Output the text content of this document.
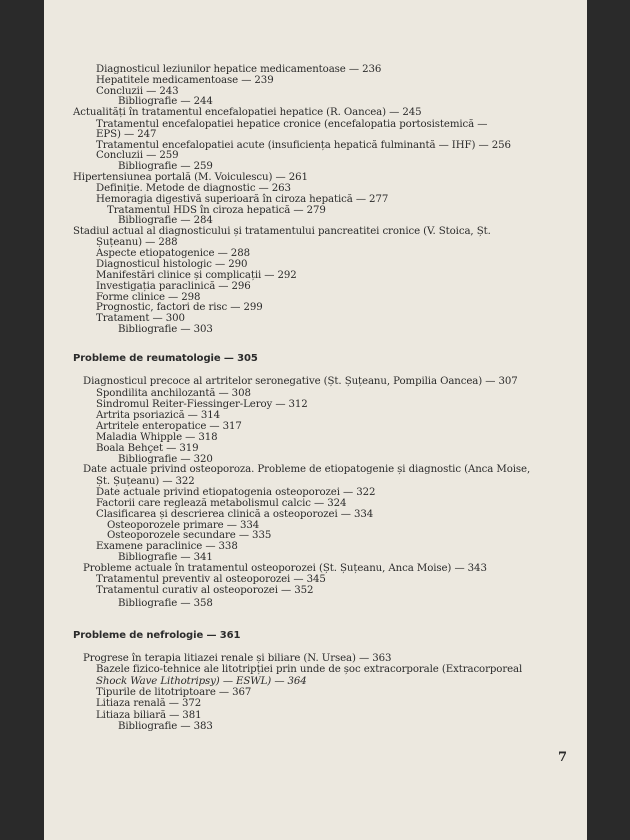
Diagnosticul leziunilor hepatice medicamentoase — 236
Hepatitele medicamentoase — 239
Concluzii — 243
Bibliografie — 244
Actualități în tratamentul encefalopatiei hepatice (R. Oancea) — 245
Tratamentul encefalopatiei hepatice cronice (encefalopatia portosistemică —
EPS) — 247
Tratamentul encefalopatiei acute (insuficiența hepatică fulminantă — IHF) — 256
Concluzii — 259
Bibliografie — 259
Hipertensiunea portală (M. Voiculescu) — 261
Definiție. Metode de diagnostic — 263
Hemoragia digestivă superioară în ciroza hepatică — 277
Tratamentul HDS în ciroza hepatică — 279
Bibliografie — 284
Stadiul actual al diagnosticului și tratamentului pancreatitei cronice (V. Stoica, Șt.
Șuțeanu) — 288
Aspecte etiopatogenice — 288
Diagnosticul histologic — 290
Manifestări clinice și complicații — 292
Investigația paraclinică — 296
Forme clinice — 298
Prognostic, factori de risc — 299
Tratament — 300
Bibliografie — 303
Probleme de reumatologie — 305
Diagnosticul precoce al artritelor seronegative (Șt. Șuțeanu, Pompilia Oancea) — 307
Spondilita anchilozantă — 308
Sindromul Reiter-Fiessinger-Leroy — 312
Artrita psoriazică — 314
Artritele enteropatice — 317
Maladia Whipple — 318
Boala Behçet — 319
Bibliografie — 320
Date actuale privind osteoporoza. Probleme de etiopatogenie și diagnostic (Anca Moise,
Șt. Șuțeanu) — 322
Date actuale privind etiopatogenia osteoporozei — 322
Factorii care reglează metabolismul calcic — 324
Clasificarea și descrierea clinică a osteoporozei — 334
Osteoporozele primare — 334
Osteoporozele secundare — 335
Examene paraclinice — 338
Bibliografie — 341
Probleme actuale în tratamentul osteoporozei (Șt. Șuțeanu, Anca Moise) — 343
Tratamentul preventiv al osteoporozei — 345
Tratamentul curativ al osteoporozei — 352
Bibliografie — 358
Probleme de nefrologie — 361
Progrese în terapia litiazei renale și biliare (N. Ursea) — 363
Bazele fizico-tehnice ale litotripției prin unde de șoc extracorporale (Extracorporeal
Shock Wave Lithotripsy) — ESWL) — 364
Tipurile de litotriptoare — 367
Litiaza renală — 372
Litiaza biliară — 381
Bibliografie — 383
7
